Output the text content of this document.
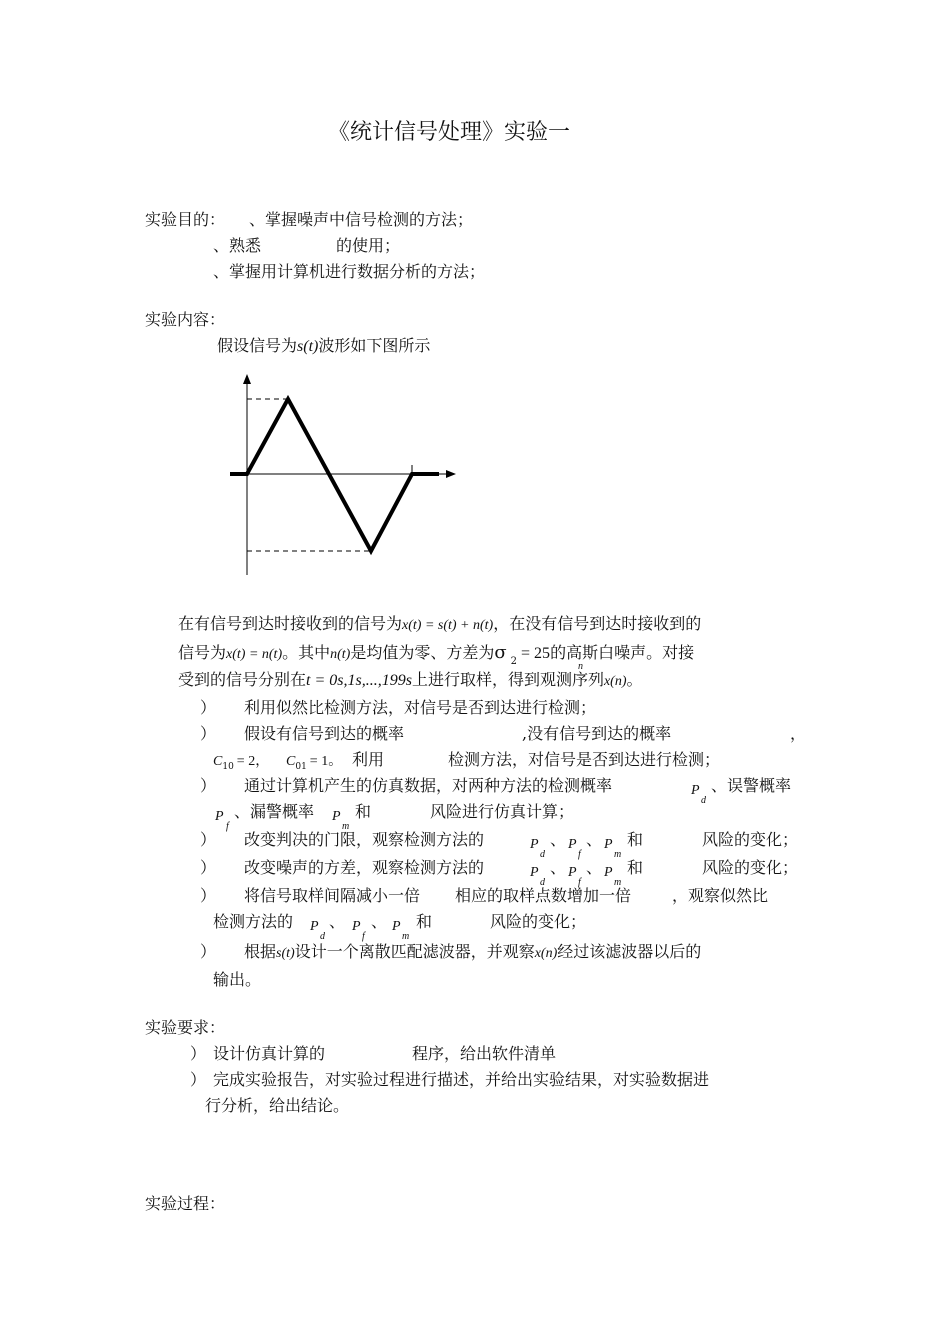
《统计信号处理》实验一
实验目的： 、掌握噪声中信号检测的方法；
、熟悉	的使用；
、掌握用计算机进行数据分析的方法；
实验内容：
假设信号为s(t)波形如下图所示
在有信号到达时接收到的信号为x(t) = s(t) + n(t)，在没有信号到达时接收到的
信号为x(t) = n(t)。其中n(t)是均值为零、方差为σ $_2$ = 25的高斯白噪声。对接
受到的信号分别在t = 0s,1s,...,199s上进行取样，得到观测序列x(n)。
n
） 利用似然比检测方法，对信号是否到达进行检测；
） 假设有信号到达的概率	,没有信号到达的概率	，
$C_{10} = 2$， $C_{01} = 1$。 利用	检测方法，对信号是否到达进行检测；
） 通过计算机产生的仿真数据，对两种方法的检测概率	P
d
、误警概率
P
f
、漏警概率 P
m
和	风险进行仿真计算；
） 改变判决的门限，观察检测方法的	P
d
、 P
f
、 P
m
和	风险的变化；
） 改变噪声的方差，观察检测方法的	P
d
、 P
f
、 P
m
和	风险的变化；
） 将信号取样间隔减小一倍 相应的取样点数增加一倍	，观察似然比
检测方法的 P
d
、 P
f
、 P
m
和	风险的变化；
） 根据s(t)设计一个离散匹配滤波器，并观察x(n)经过该滤波器以后的
输出。
实验要求：
） 设计仿真计算的	程序，给出软件清单
） 完成实验报告，对实验过程进行描述，并给出实验结果，对实验数据进
行分析，给出结论。
实验过程：
